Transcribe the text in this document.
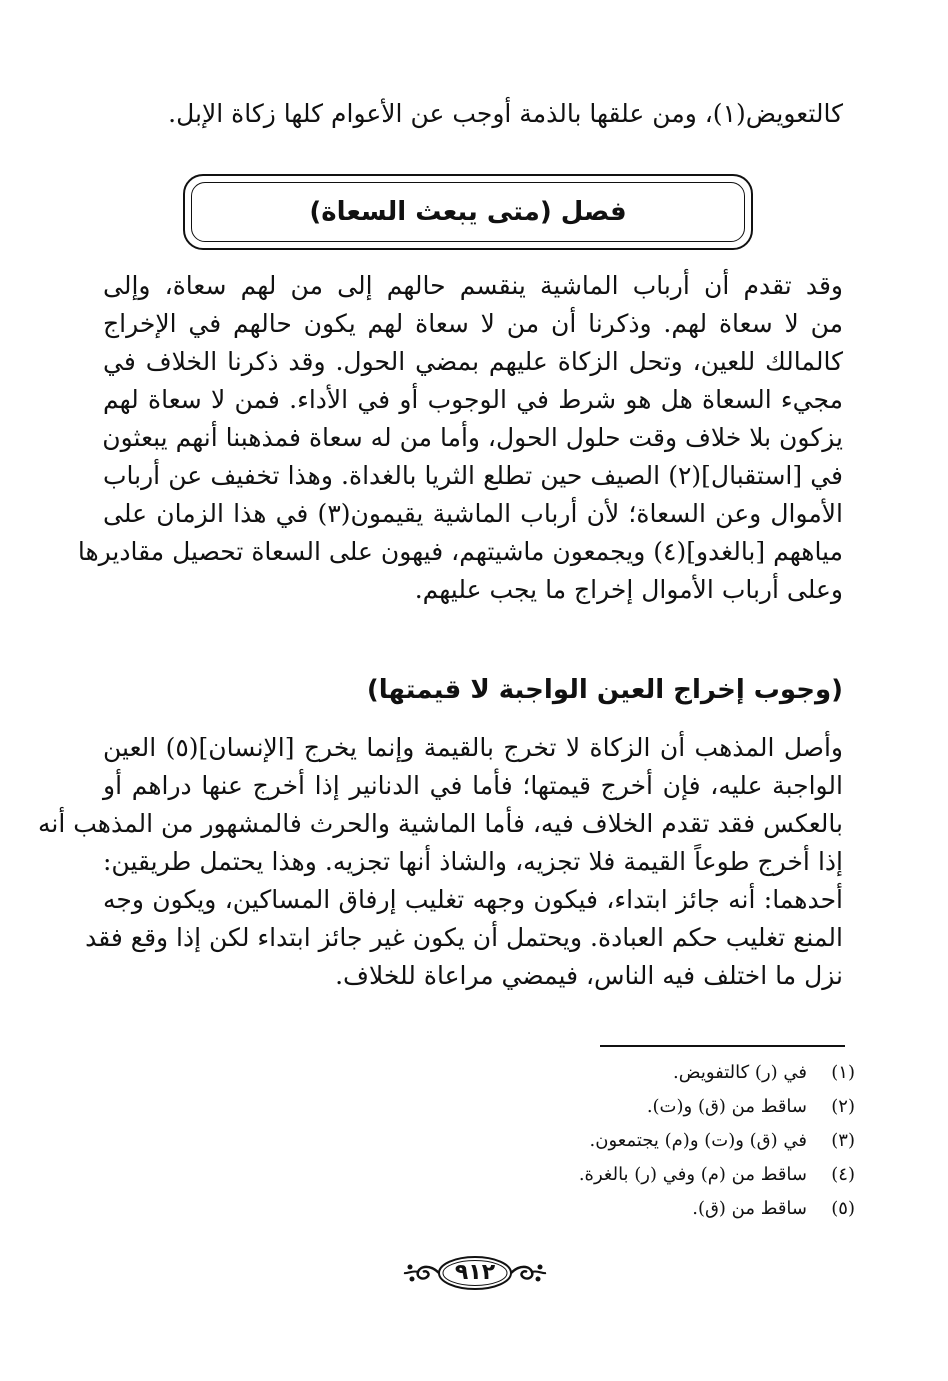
كالتعويض(١)، ومن علقها بالذمة أوجب عن الأعوام كلها زكاة الإبل.
فصل (متى يبعث السعاة)
وقد تقدم أن أرباب الماشية ينقسم حالهم إلى من لهم سعاة، وإلى
من لا سعاة لهم. وذكرنا أن من لا سعاة لهم يكون حالهم في الإخراج
كالمالك للعين، وتحل الزكاة عليهم بمضي الحول. وقد ذكرنا الخلاف في
مجيء السعاة هل هو شرط في الوجوب أو في الأداء. فمن لا سعاة لهم
يزكون بلا خلاف وقت حلول الحول، وأما من له سعاة فمذهبنا أنهم يبعثون
في [استقبال](٢) الصيف حين تطلع الثريا بالغداة. وهذا تخفيف عن أرباب
الأموال وعن السعاة؛ لأن أرباب الماشية يقيمون(٣) في هذا الزمان على
مياههم [بالغدو](٤) ويجمعون ماشيتهم، فيهون على السعاة تحصيل مقاديرها
وعلى أرباب الأموال إخراج ما يجب عليهم.
(وجوب إخراج العين الواجبة لا قيمتها)
وأصل المذهب أن الزكاة لا تخرج بالقيمة وإنما يخرج [الإنسان](٥) العين
الواجبة عليه، فإن أخرج قيمتها؛ فأما في الدنانير إذا أخرج عنها دراهم أو
بالعكس فقد تقدم الخلاف فيه، فأما الماشية والحرث فالمشهور من المذهب أنه
إذا أخرج طوعاً القيمة فلا تجزيه، والشاذ أنها تجزيه. وهذا يحتمل طريقين:
أحدهما: أنه جائز ابتداء، فيكون وجهه تغليب إرفاق المساكين، ويكون وجه
المنع تغليب حكم العبادة. ويحتمل أن يكون غير جائز ابتداء لكن إذا وقع فقد
نزل ما اختلف فيه الناس، فيمضي مراعاة للخلاف.
(١)في (ر) كالتفويض.
(٢)ساقط من (ق) و(ت).
(٣)في (ق) و(ت) و(م) يجتمعون.
(٤)ساقط من (م) وفي (ر) بالغرة.
(٥)ساقط من (ق).
٩١٢
